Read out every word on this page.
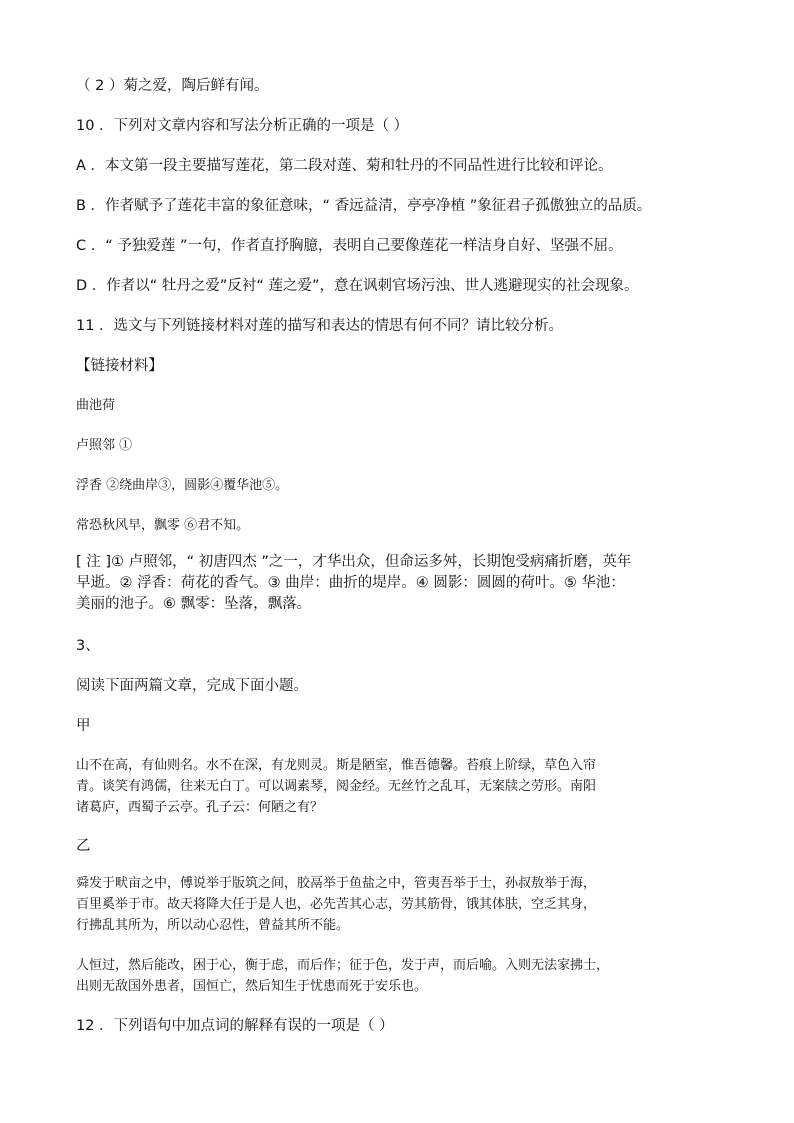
（ 2 ）菊之爱，陶后鲜有闻。
10 ．下列对文章内容和写法分析正确的一项是（ ）
A ．本文第一段主要描写莲花，第二段对莲、菊和牡丹的不同品性进行比较和评论。
B ．作者赋予了莲花丰富的象征意味，“ 香远益清，亭亭净植 ”象征君子孤傲独立的品质。
C ．“ 予独爱莲 ”一句，作者直抒胸臆，表明自己要像莲花一样洁身自好、坚强不屈。
D ．作者以“ 牡丹之爱”反衬“ 莲之爱”，意在讽刺官场污浊、世人逃避现实的社会现象。
11 ．选文与下列链接材料对莲的描写和表达的情思有何不同？请比较分析。
【链接材料】
曲池荷
卢照邻 ①
浮香 ②绕曲岸③，圆影④覆华池⑤。
常恐秋风早，飘零 ⑥君不知。
[ 注 ]① 卢照邻，“ 初唐四杰 ”之一，才华出众，但命运多舛，长期饱受病痛折磨，英年
早逝。② 浮香：荷花的香气。③ 曲岸：曲折的堤岸。④ 圆影：圆圆的荷叶。⑤ 华池：
美丽的池子。⑥ 飘零：坠落，飘落。
3、
阅读下面两篇文章，完成下面小题。
甲
山不在高，有仙则名。水不在深，有龙则灵。斯是陋室，惟吾德馨。苔痕上阶绿，草色入帘
青。谈笑有鸿儒，往来无白丁。可以调素琴，阅金经。无丝竹之乱耳，无案牍之劳形。南阳
诸葛庐，西蜀子云亭。孔子云：何陋之有？
乙
舜发于畎亩之中，傅说举于版筑之间，胶鬲举于鱼盐之中，管夷吾举于士，孙叔敖举于海，
百里奚举于市。故天将降大任于是人也，必先苦其心志，劳其筋骨，饿其体肤，空乏其身，
行拂乱其所为，所以动心忍性，曾益其所不能。
人恒过，然后能改，困于心，衡于虑，而后作；征于色，发于声，而后喻。入则无法家拂士，
出则无敌国外患者，国恒亡，然后知生于忧患而死于安乐也。
12 ．下列语句中加点词的解释有误的一项是（ ）
